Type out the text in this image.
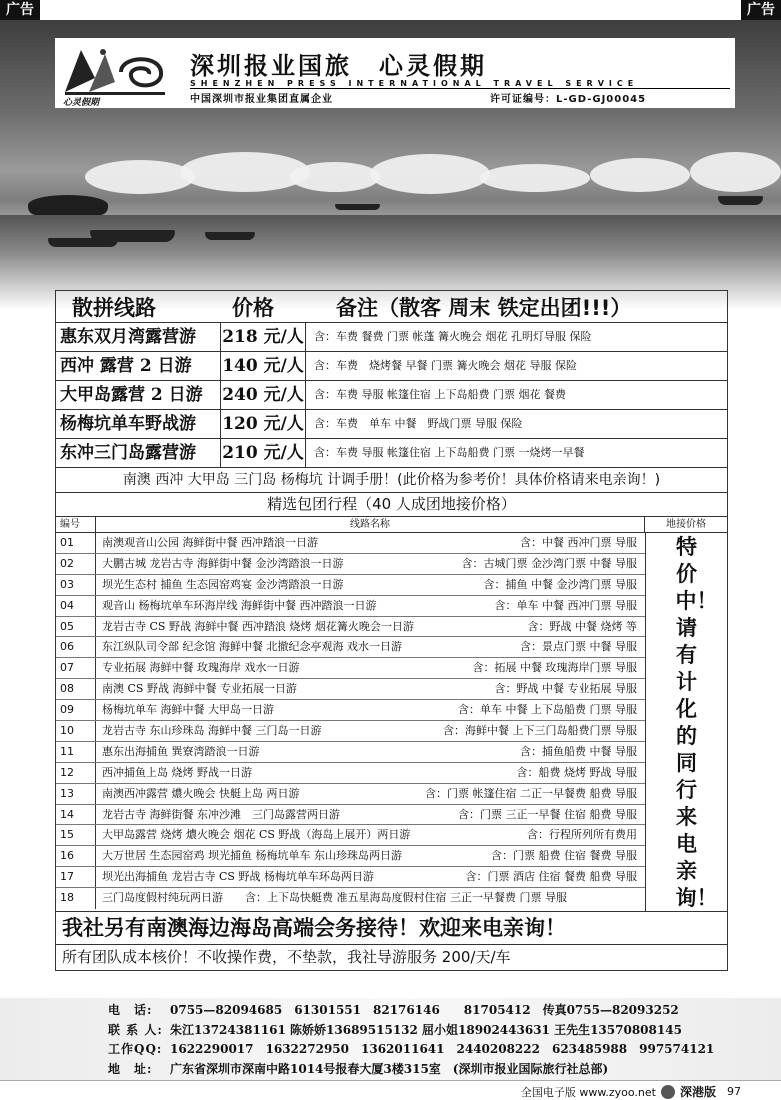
广告	广告
心灵假期
深圳报业国旅　心灵假期
SHENZHEN PRESS INTERNATIONAL TRAVEL SERVICE
中国深圳市报业集团直属企业	许可证编号：L-GD-GJ00045
散拼线路	价格	备注（散客 周末 铁定出团!!!）
惠东双月湾露营游	218 元/人 含：车费 餐费 门票 帐蓬 篝火晚会 烟花 孔明灯导服 保险
西冲 露营 2 日游	140 元/人 含：车费　烧烤餐 早餐 门票 篝火晚会 烟花 导服 保险
大甲岛露营 2 日游	240 元/人 含：车费 导服 帐篷住宿 上下岛船费 门票 烟花 餐费
杨梅坑单车野战游	120 元/人 含：车费　单车 中餐　野战门票 导服 保险
东冲三门岛露营游	210 元/人 含：车费 导服 帐篷住宿 上下岛船费 门票 一烧烤一早餐
南澳 西冲 大甲岛 三门岛 杨梅坑 计调手册！(此价格为参考价！具体价格请来电亲询！)
精选包团行程（40 人成团地接价格）
编号	线路名称	地接价格
01	南澳观音山公园 海鲜街中餐 西冲踏浪一日游	含：中餐 西冲门票 导服
02	大鹏古城 龙岩古寺 海鲜街中餐 金沙湾踏浪一日游	含：古城门票 金沙湾门票 中餐 导服
03	坝光生态村 捕鱼 生态园窑鸡宴 金沙湾踏浪一日游	含：捕鱼 中餐 金沙湾门票 导服
04	观音山 杨梅坑单车环海岸线 海鲜街中餐 西冲踏浪一日游	含：单车 中餐 西冲门票 导服
05	龙岩古寺 CS 野战 海鲜中餐 西冲踏浪 烧烤 烟花篝火晚会一日游	含：野战 中餐 烧烤 等
06	东江纵队司令部 纪念馆 海鲜中餐 北撤纪念亭观海 戏水一日游	含：景点门票 中餐 导服
07	专业拓展 海鲜中餐 玫瑰海岸 戏水一日游	含：拓展 中餐 玫瑰海岸门票 导服
08	南澳 CS 野战 海鲜中餐 专业拓展一日游	含：野战 中餐 专业拓展 导服
09	杨梅坑单车 海鲜中餐 大甲岛一日游	含：单车 中餐 上下岛船费 门票 导服
10	龙岩古寺 东山珍珠岛 海鲜中餐 三门岛一日游	含：海鲜中餐 上下三门岛船费门票 导服
11	惠东出海捕鱼 巽寮湾踏浪一日游	含：捕鱼船费 中餐 导服
12	西冲捕鱼上岛 烧烤 野战一日游	含：船费 烧烤 野战 导服
13	南澳西冲露营 燶火晚会 快艇上岛 两日游	含：门票 帐篷住宿 二正一早餐费 船费 导服
14	龙岩古寺 海鲜街餐 东冲沙滩　三门岛露营两日游	含：门票 三正一早餐 住宿 船费 导服
15	大甲岛露营 烧烤 燶火晚会 烟花 CS 野战（海岛上展开）两日游	含：行程所列所有费用
16	大万世居 生态园窑鸡 坝光捕鱼 杨梅坑单车 东山珍珠岛两日游	含：门票 船费 住宿 餐费 导服
17	坝光出海捕鱼 龙岩古寺 CS 野战 杨梅坑单车环岛两日游	含：门票 酒店 住宿 餐费 船费 导服
18	三门岛度假村纯玩两日游　　含：上下岛快艇费 准五星海岛度假村住宿 三正一早餐费 门票 导服
特价中！请有计化的同行来电亲询！
我社另有南澳海边海岛高端会务接待！欢迎来电亲询！
所有团队成本核价！不收操作费，不垫款，我社导游服务 200/天/车
电　话:	0755—82094685　61301551　82176146　　81705412　传真0755—82093252
联 系 人: 朱江13724381161 陈娇娇13689515132 屈小姐18902443631 王先生13570808145
工作QQ: 1622290017　1632272950　1362011641　2440208222　623485988　997574121
地　址:	广东省深圳市深南中路1014号报春大厦3楼315室　(深圳市报业国际旅行社总部)
全国电子版 www.zyoo.net 深港版 97
